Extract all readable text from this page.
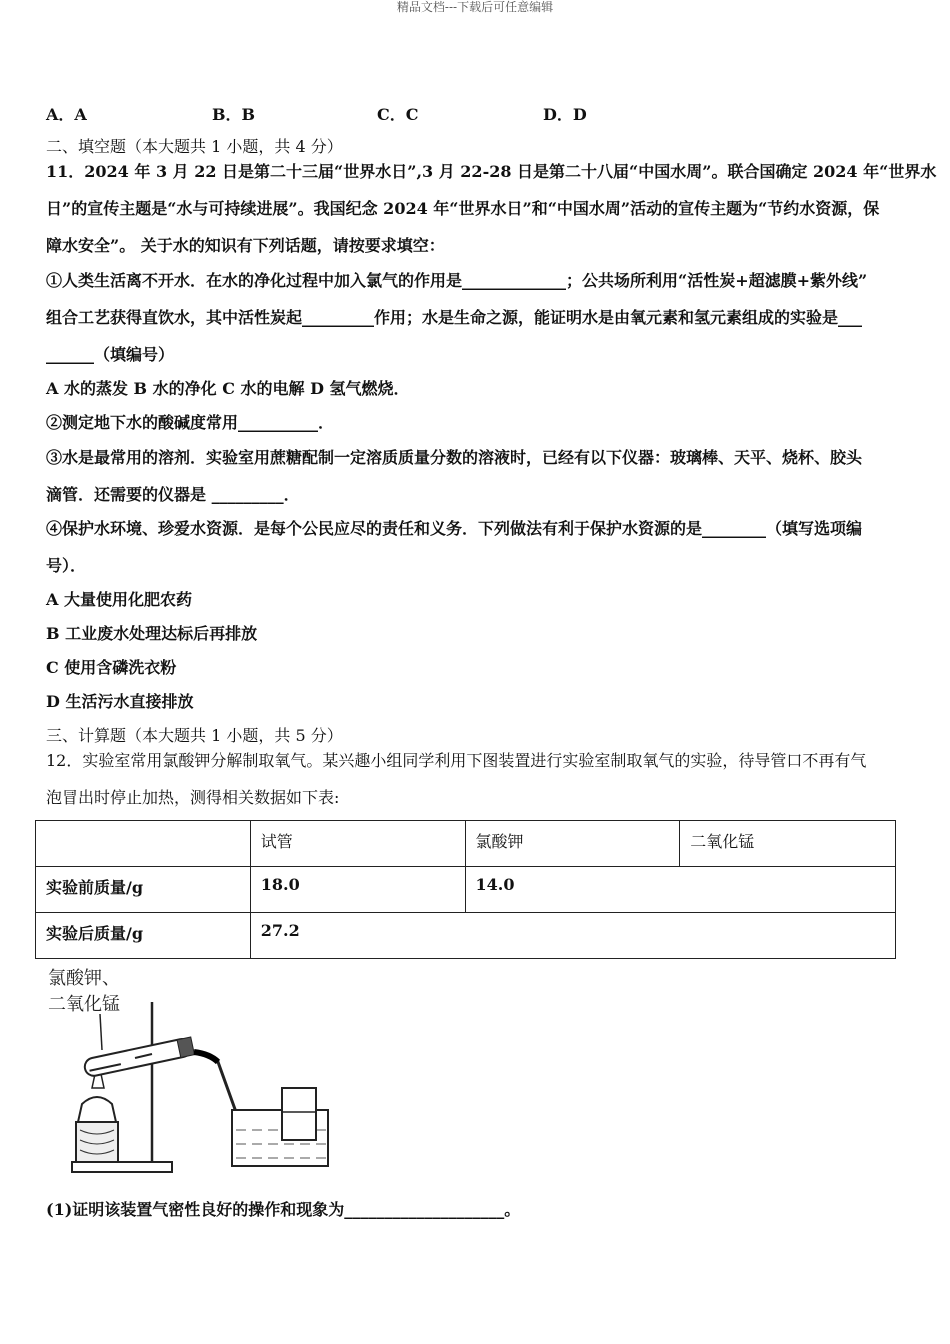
精品文档---下载后可任意编辑
A．A	B．B	C．C	D．D
二、填空题（本大题共 1 小题，共 4 分）
11．2024 年 3 月 22 日是第二十三届“世界水日”,3 月 22-28 日是第二十八届“中国水周”。联合国确定 2024 年“世界水
日”的宣传主题是“水与可持续进展”。我国纪念 2024 年“世界水日”和“中国水周”活动的宣传主题为“节约水资源，保
障水安全”。 关于水的知识有下列话题，请按要求填空：
①人类生活离不开水．在水的净化过程中加入氯气的作用是_____________；公共场所利用“活性炭+超滤膜+紫外线”
组合工艺获得直饮水，其中活性炭起_________作用；水是生命之源，能证明水是由氧元素和氢元素组成的实验是___
______（填编号）
A 水的蒸发 B 水的净化 C 水的电解 D 氢气燃烧．
②测定地下水的酸碱度常用__________．
③水是最常用的溶剂．实验室用蔗糖配制一定溶质质量分数的溶液时，已经有以下仪器：玻璃棒、天平、烧杯、胶头
滴管．还需要的仪器是 _________．
④保护水环境、珍爱水资源．是每个公民应尽的责任和义务．下列做法有利于保护水资源的是________（填写选项编
号）．
A 大量使用化肥农药
B 工业废水处理达标后再排放
C 使用含磷洗衣粉
D 生活污水直接排放
三、计算题（本大题共 1 小题，共 5 分）
12．实验室常用氯酸钾分解制取氧气。某兴趣小组同学利用下图装置进行实验室制取氧气的实验，待导管口不再有气
泡冒出时停止加热，测得相关数据如下表:
	试管	氯酸钾	二氧化锰
实验前质量/g	18.0	14.0	
实验后质量/g	27.2		
氯酸钾、
二氧化锰
(1)证明该装置气密性良好的操作和现象为____________________。
